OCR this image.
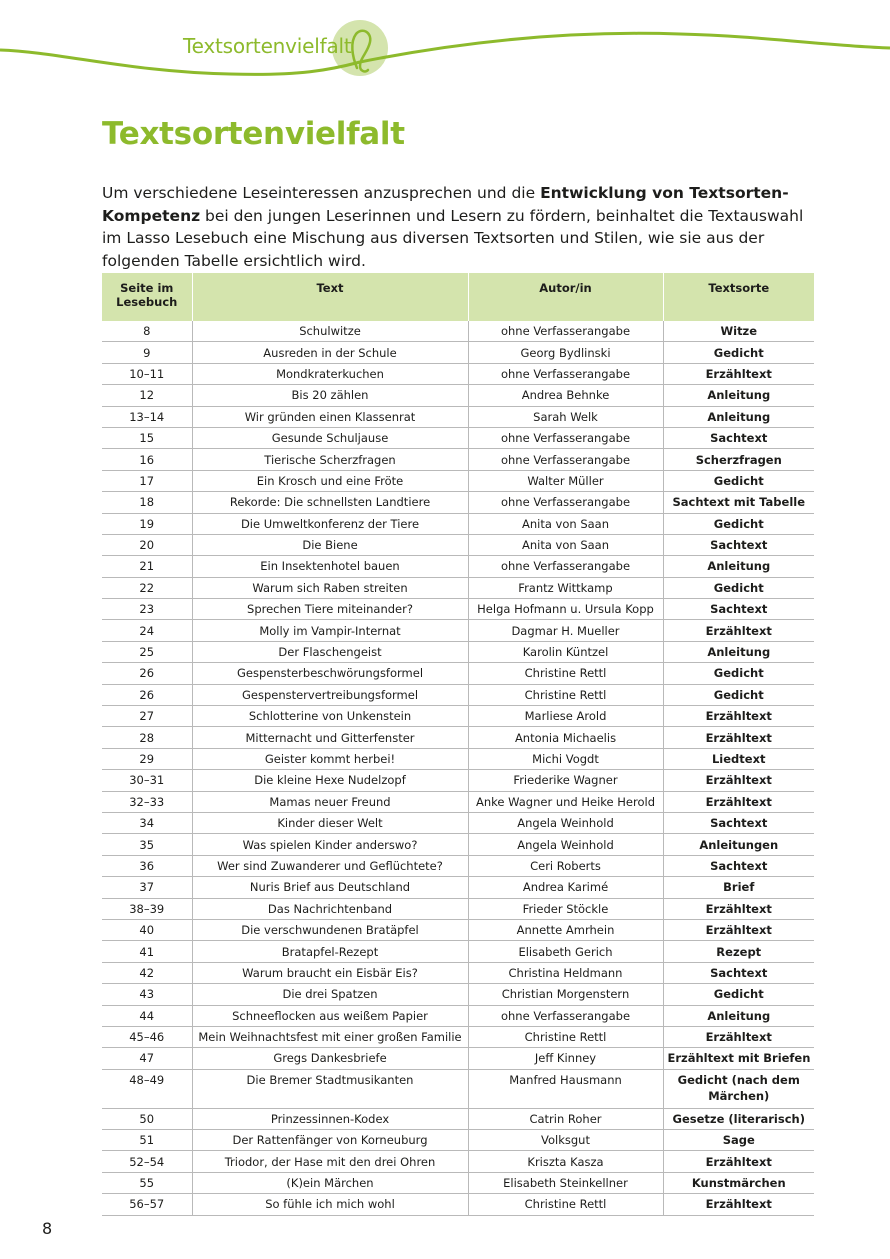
Textsortenvielfalt
Textsortenvielfalt

Um verschiedene Leseinteressen anzusprechen und die Entwicklung von Textsorten-Kompetenz bei den jungen Leserinnen und Lesern zu fördern, beinhaltet die Textauswahl im Lasso Lesebuch eine Mischung aus diversen Textsorten und Stilen, wie sie aus der folgenden Tabelle ersichtlich wird.

Seite im Lesebuch	Text	Autor/in	Textsorte
8	Schulwitze	ohne Verfasserangabe	Witze
9	Ausreden in der Schule	Georg Bydlinski	Gedicht
10–11	Mondkraterkuchen	ohne Verfasserangabe	Erzähltext
12	Bis 20 zählen	Andrea Behnke	Anleitung
13–14	Wir gründen einen Klassenrat	Sarah Welk	Anleitung
15	Gesunde Schuljause	ohne Verfasserangabe	Sachtext
16	Tierische Scherzfragen	ohne Verfasserangabe	Scherzfragen
17	Ein Krosch und eine Fröte	Walter Müller	Gedicht
18	Rekorde: Die schnellsten Landtiere	ohne Verfasserangabe	Sachtext mit Tabelle
19	Die Umweltkonferenz der Tiere	Anita von Saan	Gedicht
20	Die Biene	Anita von Saan	Sachtext
21	Ein Insektenhotel bauen	ohne Verfasserangabe	Anleitung
22	Warum sich Raben streiten	Frantz Wittkamp	Gedicht
23	Sprechen Tiere miteinander?	Helga Hofmann u. Ursula Kopp	Sachtext
24	Molly im Vampir-Internat	Dagmar H. Mueller	Erzähltext
25	Der Flaschengeist	Karolin Küntzel	Anleitung
26	Gespensterbeschwörungsformel	Christine Rettl	Gedicht
26	Gespenstervertreibungsformel	Christine Rettl	Gedicht
27	Schlotterine von Unkenstein	Marliese Arold	Erzähltext
28	Mitternacht und Gitterfenster	Antonia Michaelis	Erzähltext
29	Geister kommt herbei!	Michi Vogdt	Liedtext
30–31	Die kleine Hexe Nudelzopf	Friederike Wagner	Erzähltext
32–33	Mamas neuer Freund	Anke Wagner und Heike Herold	Erzähltext
34	Kinder dieser Welt	Angela Weinhold	Sachtext
35	Was spielen Kinder anderswo?	Angela Weinhold	Anleitungen
36	Wer sind Zuwanderer und Geflüchtete?	Ceri Roberts	Sachtext
37	Nuris Brief aus Deutschland	Andrea Karimé	Brief
38–39	Das Nachrichtenband	Frieder Stöckle	Erzähltext
40	Die verschwundenen Bratäpfel	Annette Amrhein	Erzähltext
41	Bratapfel-Rezept	Elisabeth Gerich	Rezept
42	Warum braucht ein Eisbär Eis?	Christina Heldmann	Sachtext
43	Die drei Spatzen	Christian Morgenstern	Gedicht
44	Schneeflocken aus weißem Papier	ohne Verfasserangabe	Anleitung
45–46	Mein Weihnachtsfest mit einer großen Familie	Christine Rettl	Erzähltext
47	Gregs Dankesbriefe	Jeff Kinney	Erzähltext mit Briefen
48–49	Die Bremer Stadtmusikanten	Manfred Hausmann	Gedicht (nach dem Märchen)
50	Prinzessinnen-Kodex	Catrin Roher	Gesetze (literarisch)
51	Der Rattenfänger von Korneuburg	Volksgut	Sage
52–54	Triodor, der Hase mit den drei Ohren	Kriszta Kasza	Erzähltext
55	(K)ein Märchen	Elisabeth Steinkellner	Kunstmärchen
56–57	So fühle ich mich wohl	Christine Rettl	Erzähltext
8
